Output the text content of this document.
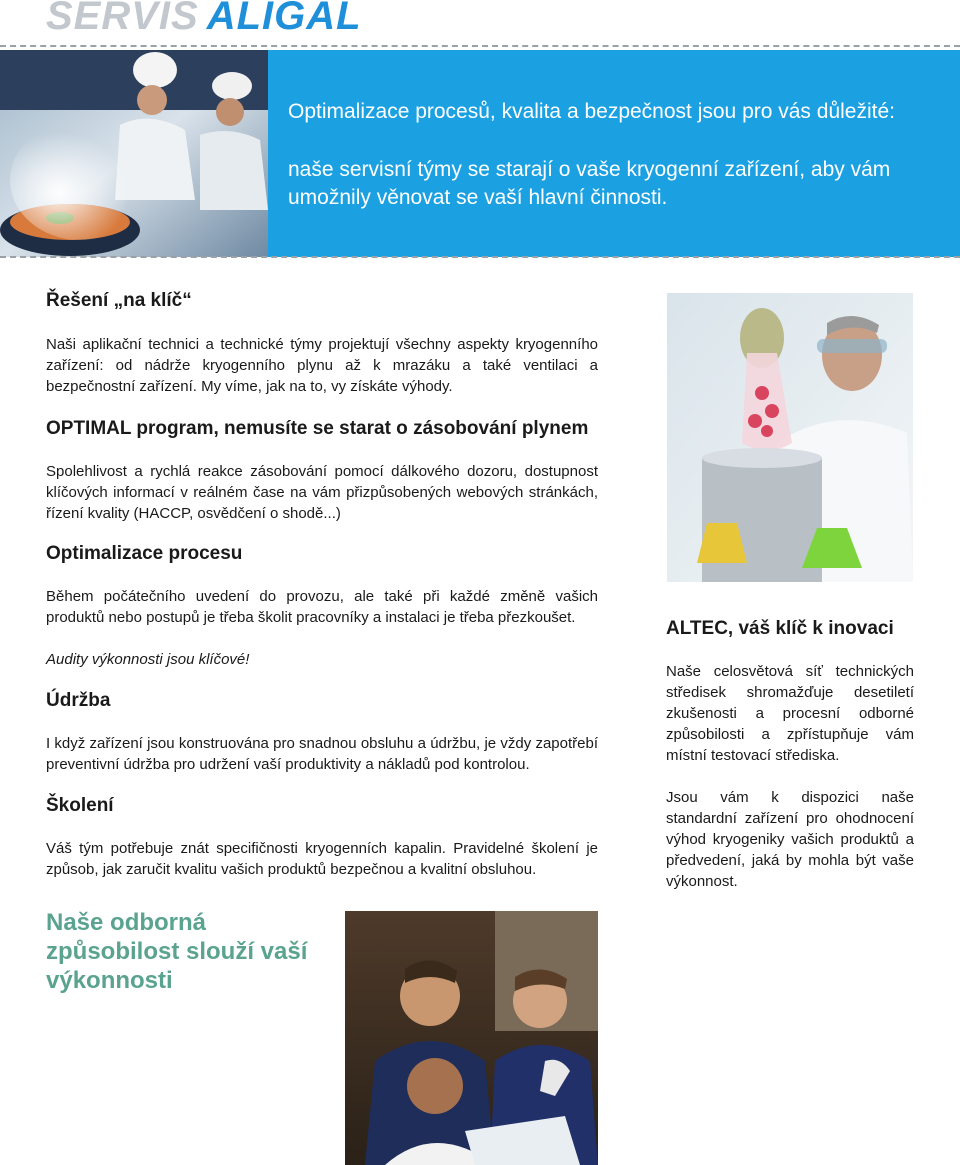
SERVIS ALIGAL

Optimalizace procesů, kvalita a bezpečnost jsou pro vás důležité:

naše servisní týmy se starají o vaše kryogenní zařízení, aby vám umožnily věnovat se vaší hlavní činnosti.

Řešení „na klíč“

Naši aplikační technici a technické týmy projektují všechny aspekty kryogenního zařízení: od nádrže kryogenního plynu až k mrazáku a také ventilaci a bezpečnostní zařízení. My víme, jak na to, vy získáte výhody.

OPTIMAL program, nemusíte se starat o zásobování plynem

Spolehlivost a rychlá reakce zásobování pomocí dálkového dozoru, dostupnost klíčových informací v reálném čase na vám přizpůsobených webových stránkách, řízení kvality (HACCP, osvědčení o shodě...)

Optimalizace procesu

Během počátečního uvedení do provozu, ale také při každé změně vašich produktů nebo postupů je třeba školit pracovníky a instalaci je třeba přezkoušet.

Audity výkonnosti jsou klíčové!

Údržba

I když zařízení jsou konstruována pro snadnou obsluhu a údržbu, je vždy zapotřebí preventivní údržba pro udržení vaší produktivity a nákladů pod kontrolou.

Školení

Váš tým potřebuje znát specifičnosti kryogenních kapalin. Pravidelné školení je způsob, jak zaručit kvalitu vašich produktů bezpečnou a kvalitní obsluhou.

Naše odborná způsobilost slouží vaší výkonnosti

ALTEC, váš klíč k inovaci

Naše celosvětová síť technických středisek shromažďuje desetiletí zkušenosti a procesní odborné způsobilosti a zpřístupňuje vám místní testovací střediska.

Jsou vám k dispozici naše standardní zařízení pro ohodnocení výhod kryogeniky vašich produktů a předvedení, jaká by mohla být vaše výkonnost.
